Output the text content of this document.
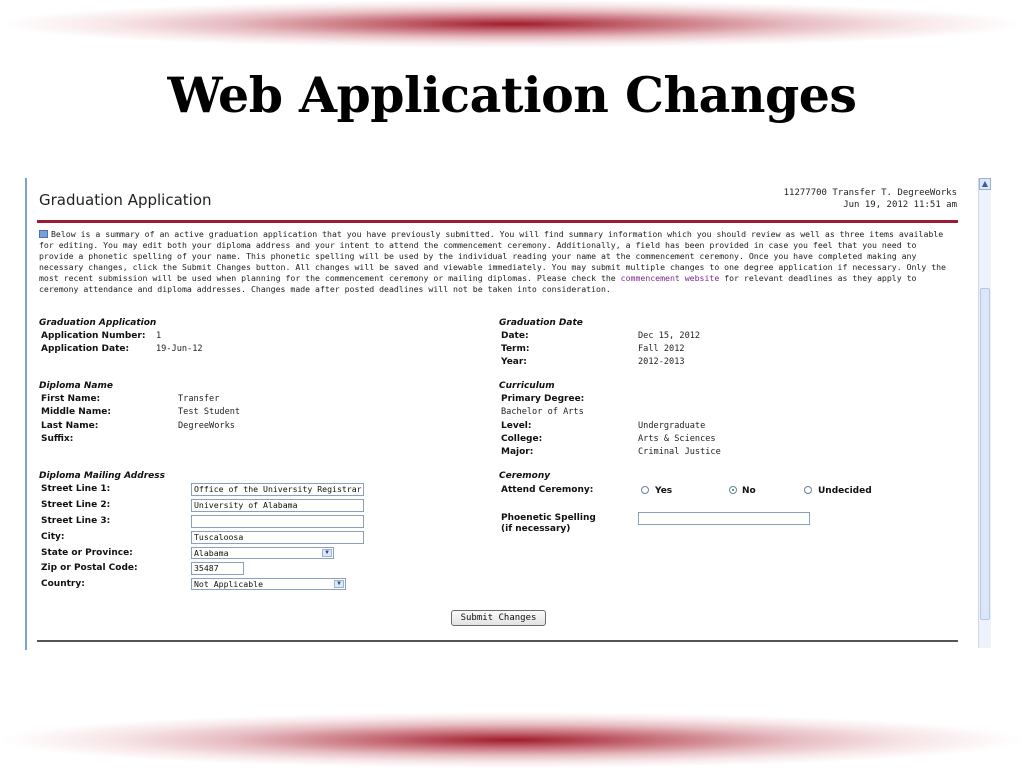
Web Application Changes
▲
Graduation Application	11277700 Transfer T. DegreeWorks
Jun 19, 2012 11:51 am
Below is a summary of an active graduation application that you have previously submitted. You will find summary information which you should review as well as three items available for editing. You may edit both your diploma address and your intent to attend the commencement ceremony. Additionally, a field has been provided in case you feel that you need to provide a phonetic spelling of your name. This phonetic spelling will be used by the individual reading your name at the commencement ceremony. Once you have completed making any necessary changes, click the Submit Changes button. All changes will be saved and viewable immediately. You may submit multiple changes to one degree application if necessary. Only the most recent submission will be used when planning for the commencement ceremony or mailing diplomas. Please check the commencement website for relevant deadlines as they apply to ceremony attendance and diploma addresses. Changes made after posted deadlines will not be taken into consideration.
Graduation Application
Application Number: 1
Application Date:	19-Jun-12
Graduation Date
Date:	Dec 15, 2012
Term:	Fall 2012
Year:	2012-2013
Diploma Name
First Name:	Transfer
Middle Name:	Test Student
Last Name:	DegreeWorks
Suffix:
Curriculum
Primary Degree:
Bachelor of Arts
Level:	Undergraduate
College:	Arts & Sciences
Major:	Criminal Justice
Diploma Mailing Address
Street Line 1:	Office of the University Registrar
Street Line 2:	University of Alabama
Street Line 3:
City:	Tuscaloosa
State or Province:	Alabama	▼
Zip or Postal Code:	35487
Country:	Not Applicable	▼
Ceremony
Attend Ceremony:	Yes	No	Undecided
Phoenetic Spelling
(if necessary)
Submit Changes
